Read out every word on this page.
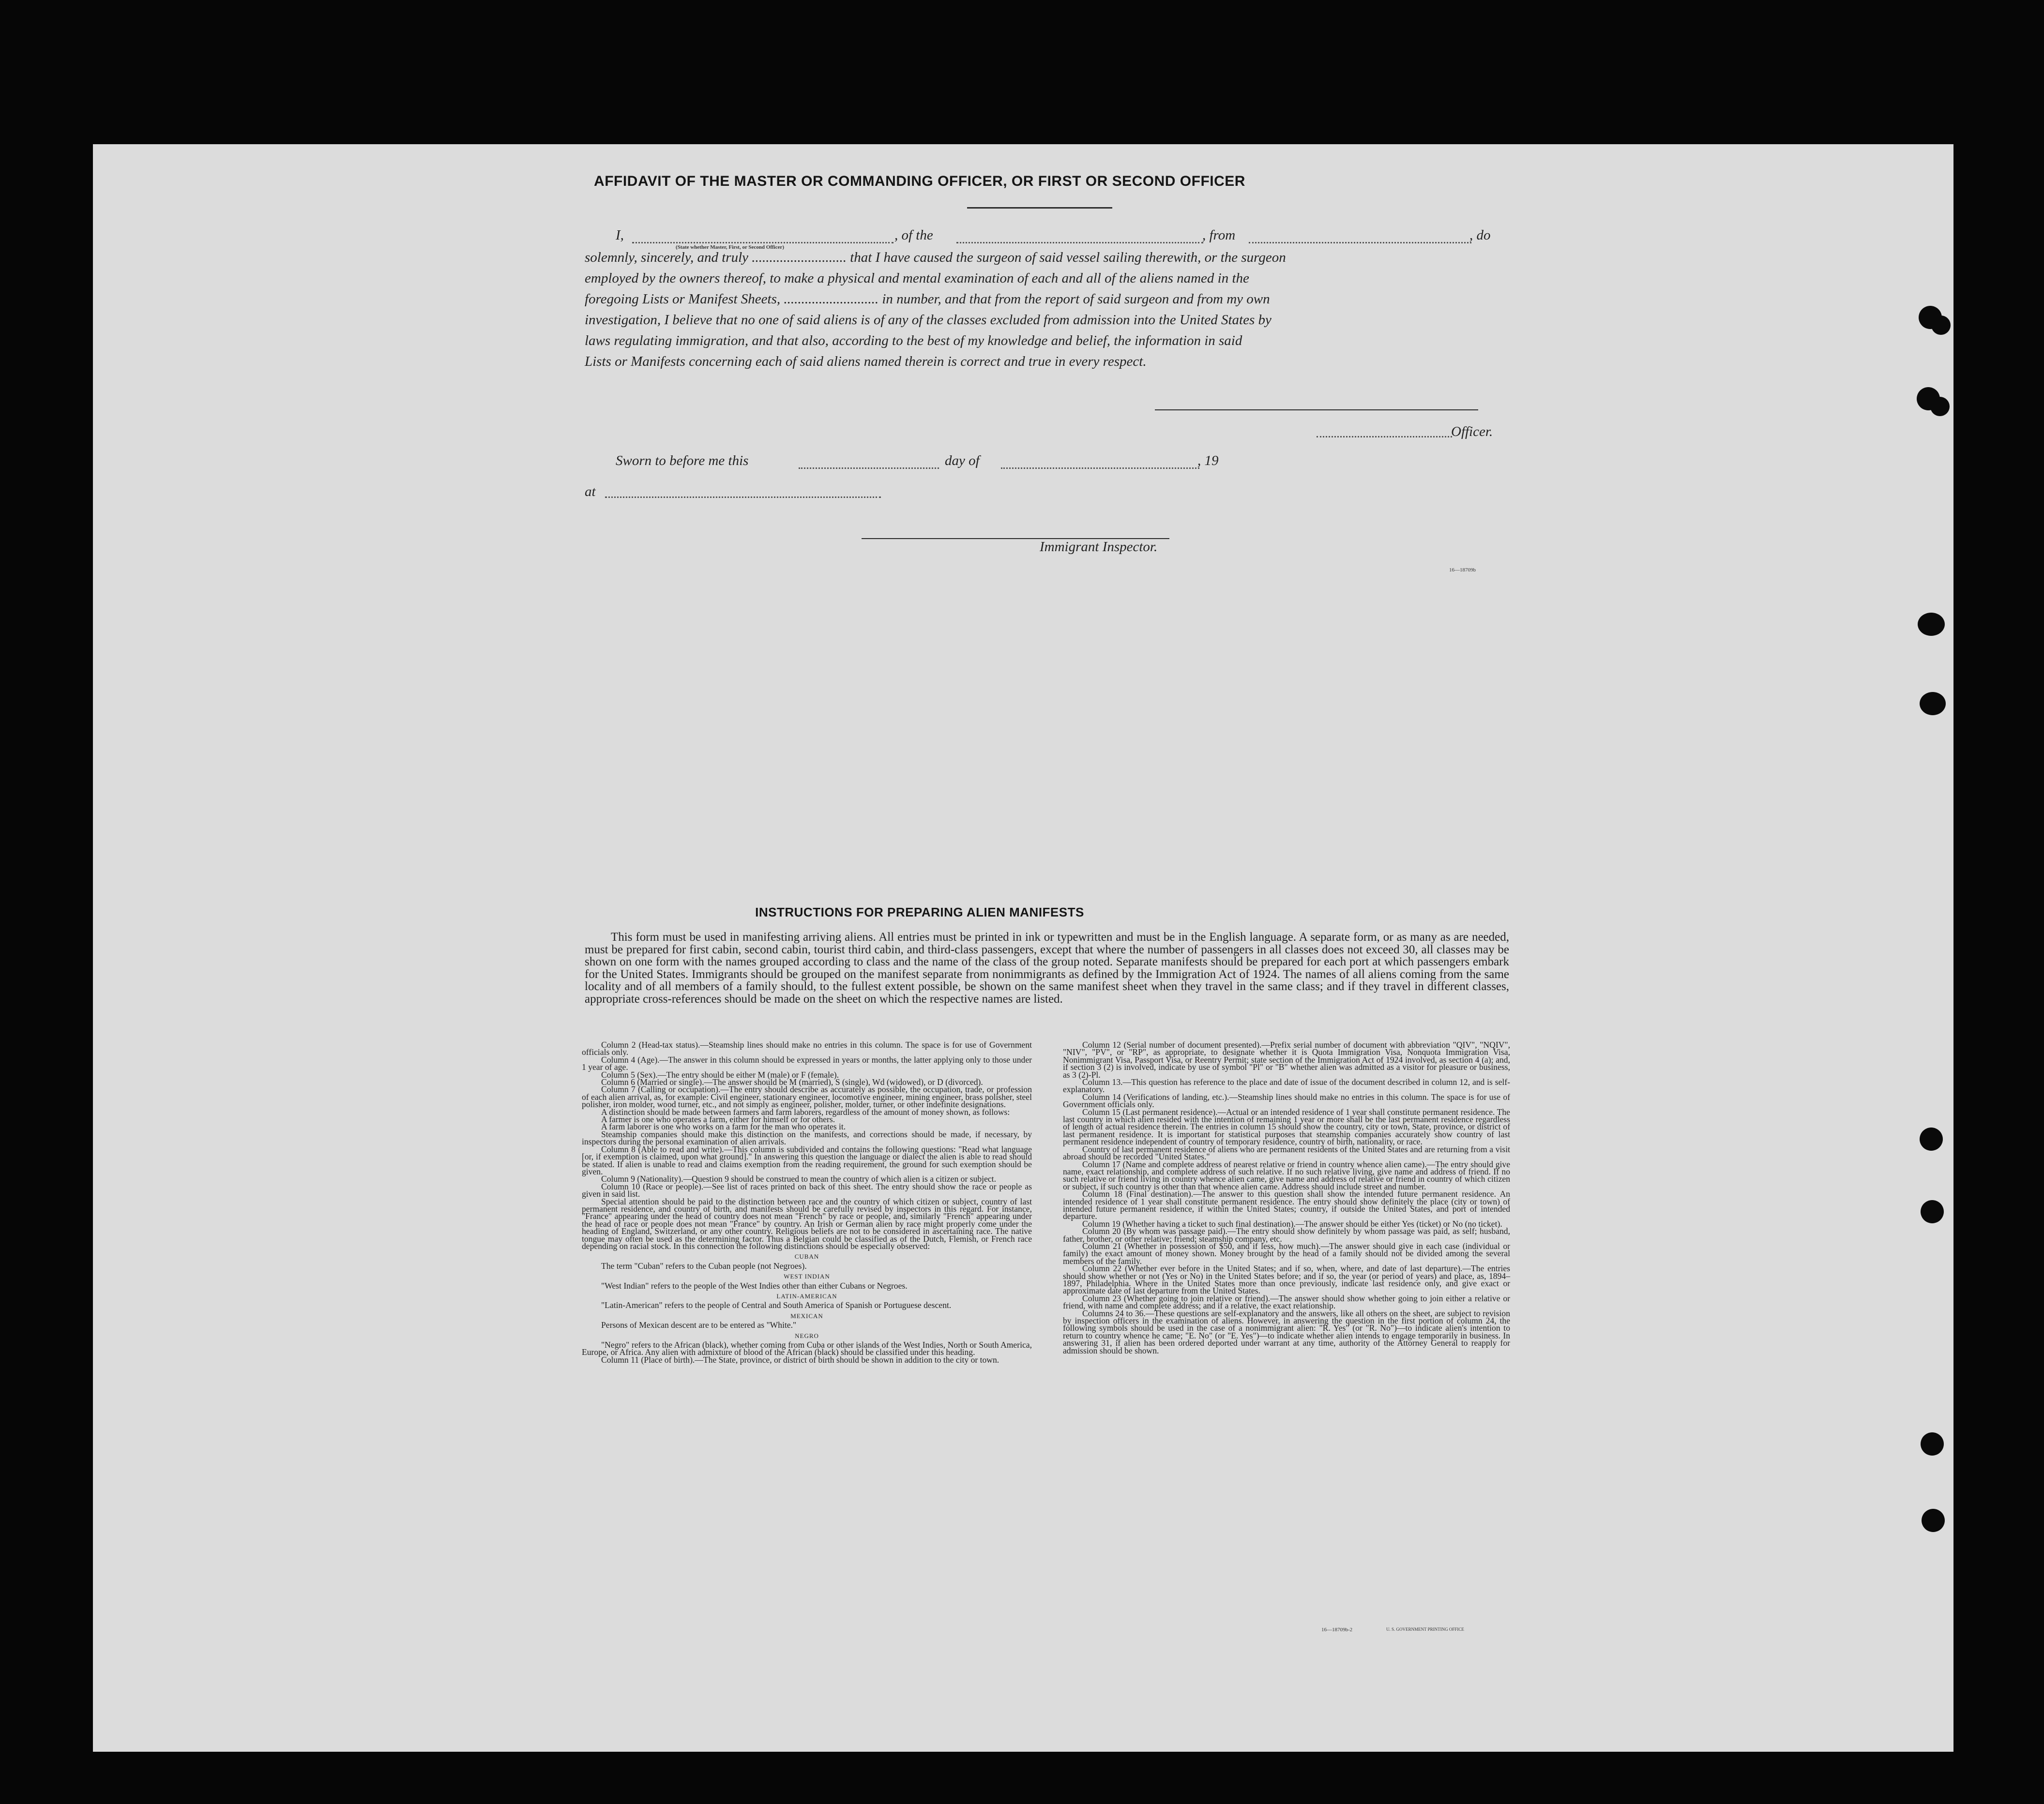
AFFIDAVIT OF THE MASTER OR COMMANDING OFFICER, OR FIRST OR SECOND OFFICER
I,	, of the	, from	, do
(State whether Master, First, or Second Officer)
solemnly, sincerely, and truly ........................... that I have caused the surgeon of said vessel sailing therewith, or the surgeon
employed by the owners thereof, to make a physical and mental examination of each and all of the aliens named in the
foregoing Lists or Manifest Sheets, ........................... in number, and that from the report of said surgeon and from my own
investigation, I believe that no one of said aliens is of any of the classes excluded from admission into the United States by
laws regulating immigration, and that also, according to the best of my knowledge and belief, the information in said
Lists or Manifests concerning each of said aliens named therein is correct and true in every respect.
Officer.
Sworn to before me this	day of	, 19
at
Immigrant Inspector.
16—18709b
INSTRUCTIONS FOR PREPARING ALIEN MANIFESTS
This form must be used in manifesting arriving aliens. All entries must be printed in ink or typewritten and must be in the English language. A separate form, or as many as are needed, must be prepared for first cabin, second cabin, tourist third cabin, and third-class passengers, except that where the number of passengers in all classes does not exceed 30, all classes may be shown on one form with the names grouped according to class and the name of the class of the group noted. Separate manifests should be prepared for each port at which passengers embark for the United States. Immigrants should be grouped on the manifest separate from nonimmigrants as defined by the Immigration Act of 1924. The names of all aliens coming from the same locality and of all members of a family should, to the fullest extent possible, be shown on the same manifest sheet when they travel in the same class; and if they travel in different classes, appropriate cross-references should be made on the sheet on which the respective names are listed.

Column 2 (Head-tax status).—Steamship lines should make no entries in this column. The space is for use of Government officials only.

Column 4 (Age).—The answer in this column should be expressed in years or months, the latter applying only to those under 1 year of age.

Column 5 (Sex).—The entry should be either M (male) or F (female).

Column 6 (Married or single).—The answer should be M (married), S (single), Wd (widowed), or D (divorced).

Column 7 (Calling or occupation).—The entry should describe as accurately as possible, the occupation, trade, or profession of each alien arrival, as, for example: Civil engineer, stationary engineer, locomotive engineer, mining engineer, brass polisher, steel polisher, iron molder, wood turner, etc., and not simply as engineer, polisher, molder, turner, or other indefinite designations.

A distinction should be made between farmers and farm laborers, regardless of the amount of money shown, as follows:

A farmer is one who operates a farm, either for himself or for others.

A farm laborer is one who works on a farm for the man who operates it.

Steamship companies should make this distinction on the manifests, and corrections should be made, if necessary, by inspectors during the personal examination of alien arrivals.

Column 8 (Able to read and write).—This column is subdivided and contains the following questions: "Read what language [or, if exemption is claimed, upon what ground]." In answering this question the language or dialect the alien is able to read should be stated. If alien is unable to read and claims exemption from the reading requirement, the ground for such exemption should be given.

Column 9 (Nationality).—Question 9 should be construed to mean the country of which alien is a citizen or subject.

Column 10 (Race or people).—See list of races printed on back of this sheet. The entry should show the race or people as given in said list.

Special attention should be paid to the distinction between race and the country of which citizen or subject, country of last permanent residence, and country of birth, and manifests should be carefully revised by inspectors in this regard. For instance, "France" appearing under the head of country does not mean "French" by race or people, and, similarly "French" appearing under the head of race or people does not mean "France" by country. An Irish or German alien by race might properly come under the heading of England, Switzerland, or any other country. Religious beliefs are not to be considered in ascertaining race. The native tongue may often be used as the determining factor. Thus a Belgian could be classified as of the Dutch, Flemish, or French race depending on racial stock. In this connection the following distinctions should be especially observed:

CUBAN

The term "Cuban" refers to the Cuban people (not Negroes).

WEST INDIAN

"West Indian" refers to the people of the West Indies other than either Cubans or Negroes.

LATIN-AMERICAN

"Latin-American" refers to the people of Central and South America of Spanish or Portuguese descent.

MEXICAN

Persons of Mexican descent are to be entered as "White."

NEGRO

"Negro" refers to the African (black), whether coming from Cuba or other islands of the West Indies, North or South America, Europe, or Africa. Any alien with admixture of blood of the African (black) should be classified under this heading.

Column 11 (Place of birth).—The State, province, or district of birth should be shown in addition to the city or town.

Column 12 (Serial number of document presented).—Prefix serial number of document with abbreviation "QIV", "NQIV", "NIV", "PV", or "RP", as appropriate, to designate whether it is Quota Immigration Visa, Nonquota Immigration Visa, Nonimmigrant Visa, Passport Visa, or Reentry Permit; state section of the Immigration Act of 1924 involved, as section 4 (a); and, if section 3 (2) is involved, indicate by use of symbol "Pl" or "B" whether alien was admitted as a visitor for pleasure or business, as 3 (2)-Pl.

Column 13.—This question has reference to the place and date of issue of the document described in column 12, and is self-explanatory.

Column 14 (Verifications of landing, etc.).—Steamship lines should make no entries in this column. The space is for use of Government officials only.

Column 15 (Last permanent residence).—Actual or an intended residence of 1 year shall constitute permanent residence. The last country in which alien resided with the intention of remaining 1 year or more shall be the last permanent residence regardless of length of actual residence therein. The entries in column 15 should show the country, city or town, State, province, or district of last permanent residence. It is important for statistical purposes that steamship companies accurately show country of last permanent residence independent of country of temporary residence, country of birth, nationality, or race.

Country of last permanent residence of aliens who are permanent residents of the United States and are returning from a visit abroad should be recorded "United States."

Column 17 (Name and complete address of nearest relative or friend in country whence alien came).—The entry should give name, exact relationship, and complete address of such relative. If no such relative living, give name and address of friend. If no such relative or friend living in country whence alien came, give name and address of relative or friend in country of which citizen or subject, if such country is other than that whence alien came. Address should include street and number.

Column 18 (Final destination).—The answer to this question shall show the intended future permanent residence. An intended residence of 1 year shall constitute permanent residence. The entry should show definitely the place (city or town) of intended future permanent residence, if within the United States; country, if outside the United States, and port of intended departure.

Column 19 (Whether having a ticket to such final destination).—The answer should be either Yes (ticket) or No (no ticket).

Column 20 (By whom was passage paid).—The entry should show definitely by whom passage was paid, as self; husband, father, brother, or other relative; friend; steamship company, etc.

Column 21 (Whether in possession of $50, and if less, how much).—The answer should give in each case (individual or family) the exact amount of money shown. Money brought by the head of a family should not be divided among the several members of the family.

Column 22 (Whether ever before in the United States; and if so, when, where, and date of last departure).—The entries should show whether or not (Yes or No) in the United States before; and if so, the year (or period of years) and place, as, 1894–1897, Philadelphia. Where in the United States more than once previously, indicate last residence only, and give exact or approximate date of last departure from the United States.

Column 23 (Whether going to join relative or friend).—The answer should show whether going to join either a relative or friend, with name and complete address; and if a relative, the exact relationship.

Columns 24 to 36.—These questions are self-explanatory and the answers, like all others on the sheet, are subject to revision by inspection officers in the examination of aliens. However, in answering the question in the first portion of column 24, the following symbols should be used in the case of a nonimmigrant alien: "R. Yes" (or "R. No")—to indicate alien's intention to return to country whence he came; "E. No" (or "E. Yes")—to indicate whether alien intends to engage temporarily in business. In answering 31, if alien has been ordered deported under warrant at any time, authority of the Attorney General to reapply for admission should be shown.

16—18709b-2	U. S. GOVERNMENT PRINTING OFFICE
